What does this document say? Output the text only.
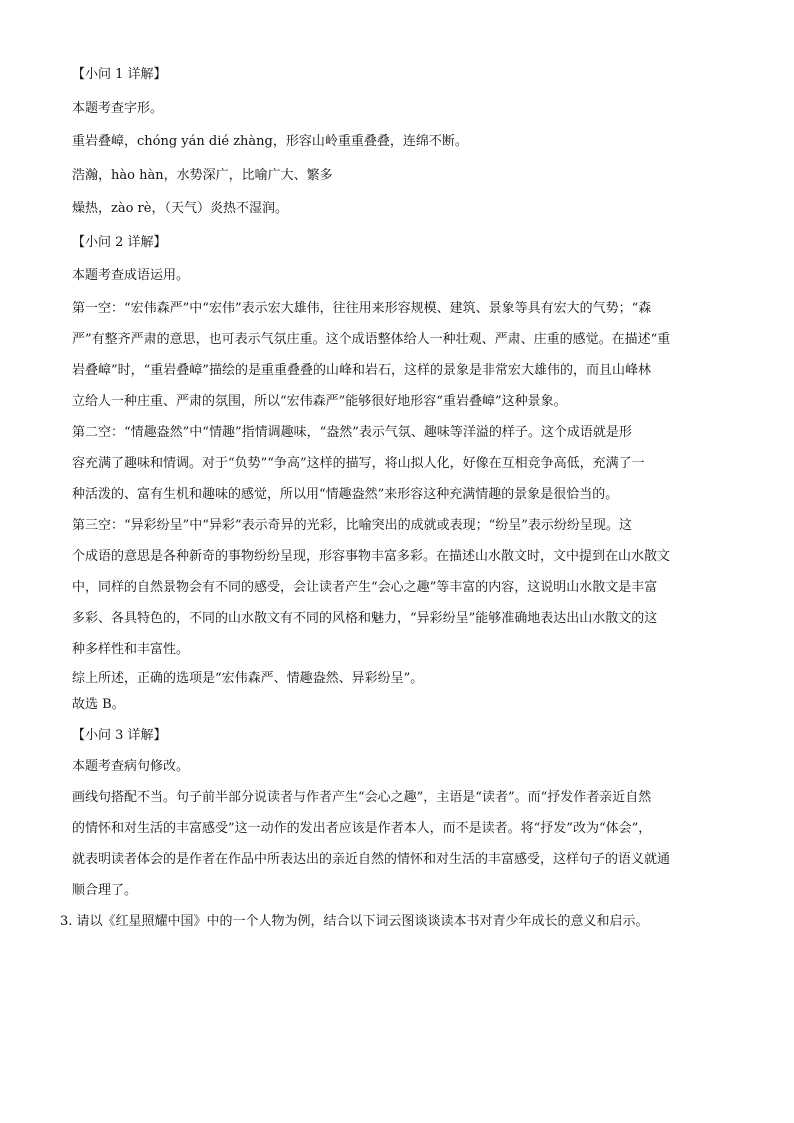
【小问 1 详解】
本题考查字形。
重岩叠嶂，chóng yán dié zhàng，形容山岭重重叠叠，连绵不断。
浩瀚，hào hàn，水势深广，比喻广大、繁多
燥热，zào rè，（天气）炎热不湿润。
【小问 2 详解】
本题考查成语运用。
第一空：“宏伟森严”中“宏伟”表示宏大雄伟，往往用来形容规模、建筑、景象等具有宏大的气势；“森
严”有整齐严肃的意思，也可表示气氛庄重。这个成语整体给人一种壮观、严肃、庄重的感觉。在描述“重
岩叠嶂”时，“重岩叠嶂”描绘的是重重叠叠的山峰和岩石，这样的景象是非常宏大雄伟的，而且山峰林
立给人一种庄重、严肃的氛围，所以“宏伟森严”能够很好地形容“重岩叠嶂”这种景象。
第二空：“情趣盎然”中“情趣”指情调趣味，“盎然”表示气氛、趣味等洋溢的样子。这个成语就是形
容充满了趣味和情调。对于“负势”“争高”这样的描写，将山拟人化，好像在互相竞争高低，充满了一
种活泼的、富有生机和趣味的感觉，所以用“情趣盎然”来形容这种充满情趣的景象是很恰当的。
第三空：“异彩纷呈”中“异彩”表示奇异的光彩，比喻突出的成就或表现；“纷呈”表示纷纷呈现。这
个成语的意思是各种新奇的事物纷纷呈现，形容事物丰富多彩。在描述山水散文时，文中提到在山水散文
中，同样的自然景物会有不同的感受，会让读者产生“会心之趣”等丰富的内容，这说明山水散文是丰富
多彩、各具特色的，不同的山水散文有不同的风格和魅力，“异彩纷呈”能够准确地表达出山水散文的这
种多样性和丰富性。
综上所述，正确的选项是“宏伟森严、情趣盎然、异彩纷呈”。
故选 B。
【小问 3 详解】
本题考查病句修改。
画线句搭配不当。句子前半部分说读者与作者产生“会心之趣”，主语是“读者”。而“抒发作者亲近自然
的情怀和对生活的丰富感受”这一动作的发出者应该是作者本人，而不是读者。将“抒发”改为“体会”，
就表明读者体会的是作者在作品中所表达出的亲近自然的情怀和对生活的丰富感受，这样句子的语义就通
顺合理了。
3. 请以《红星照耀中国》中的一个人物为例，结合以下词云图谈谈读本书对青少年成长的意义和启示。
